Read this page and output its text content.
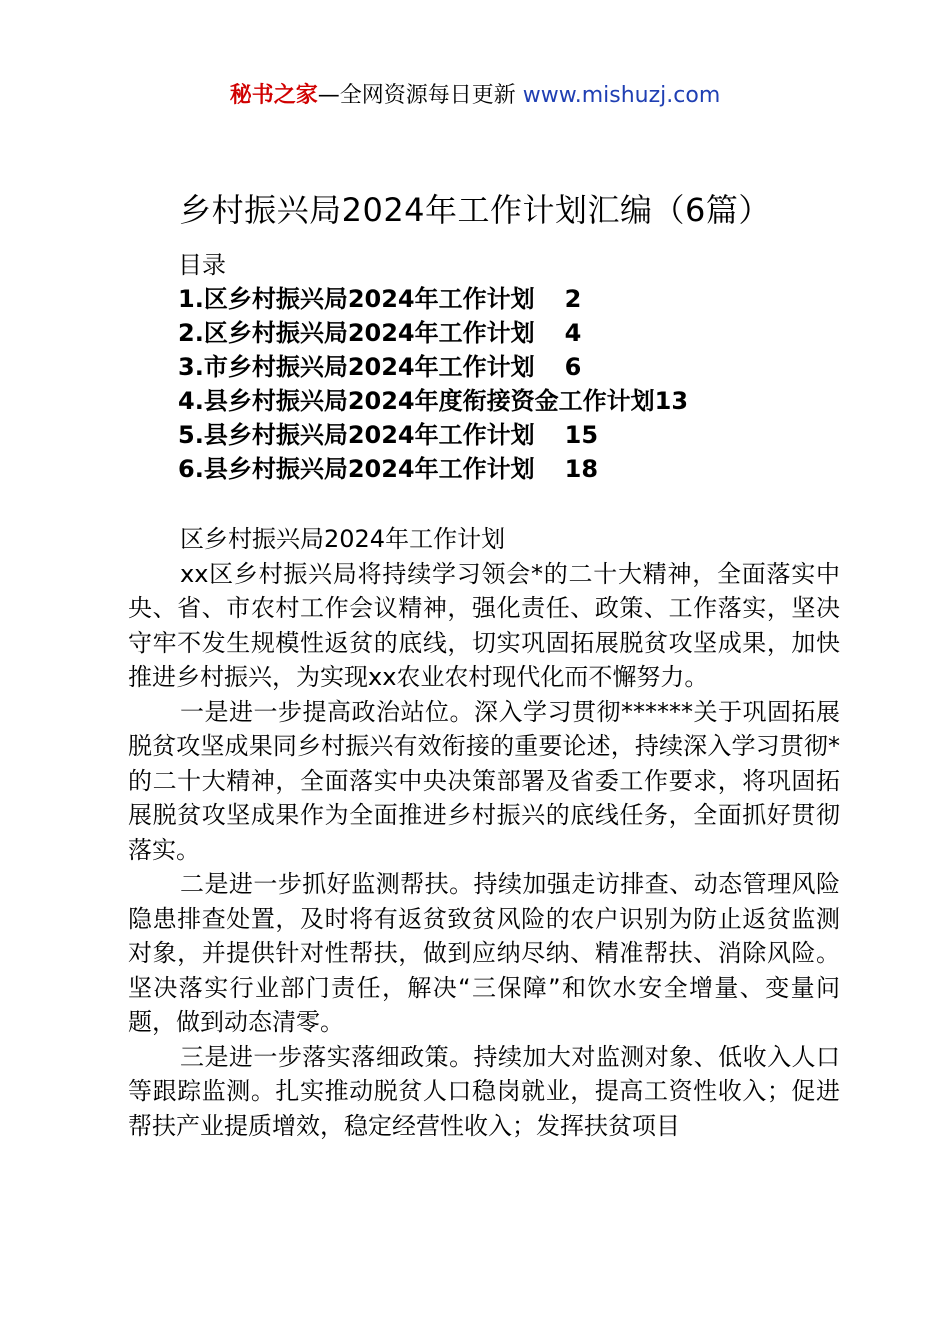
秘书之家—全网资源每日更新 www.mishuzj.com
乡村振兴局2024年工作计划汇编（6篇）
目录
1.区乡村振兴局2024年工作计划 2
2.区乡村振兴局2024年工作计划 4
3.市乡村振兴局2024年工作计划 6
4.县乡村振兴局2024年度衔接资金工作计划13
5.县乡村振兴局2024年工作计划 15
6.县乡村振兴局2024年工作计划 18

区乡村振兴局2024年工作计划

xx区乡村振兴局将持续学习领会*的二十大精神，全面落实中央、省、市农村工作会议精神，强化责任、政策、工作落实，坚决守牢不发生规模性返贫的底线，切实巩固拓展脱贫攻坚成果，加快推进乡村振兴，为实现xx农业农村现代化而不懈努力。

一是进一步提高政治站位。深入学习贯彻******关于巩固拓展脱贫攻坚成果同乡村振兴有效衔接的重要论述，持续深入学习贯彻*的二十大精神，全面落实中央决策部署及省委工作要求，将巩固拓展脱贫攻坚成果作为全面推进乡村振兴的底线任务，全面抓好贯彻落实。

二是进一步抓好监测帮扶。持续加强走访排查、动态管理风险隐患排查处置，及时将有返贫致贫风险的农户识别为防止返贫监测对象，并提供针对性帮扶，做到应纳尽纳、精准帮扶、消除风险。坚决落实行业部门责任，解决“三保障”和饮水安全增量、变量问题，做到动态清零。

三是进一步落实落细政策。持续加大对监测对象、低收入人口等跟踪监测。扎实推动脱贫人口稳岗就业，提高工资性收入；促进帮扶产业提质增效，稳定经营性收入；发挥扶贫项目
